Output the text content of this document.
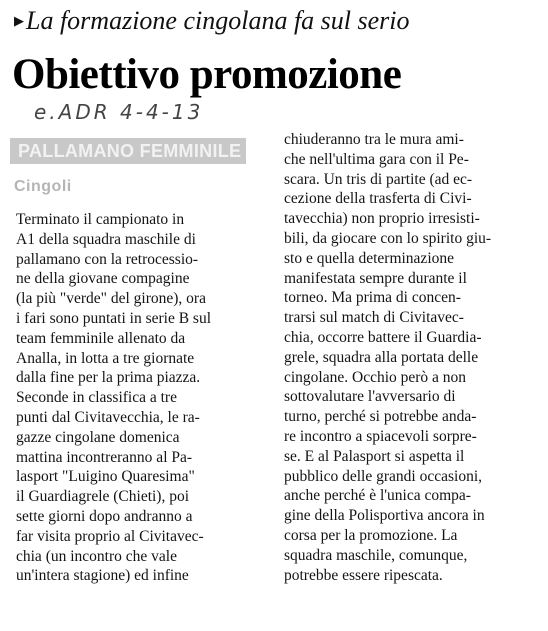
▶La formazione cingolana fa sul serio
Obiettivo promozione
e.ADR 4-4-13
PALLAMANO FEMMINILE
Cingoli
Terminato il campionato in
A1 della squadra maschile di
pallamano con la retrocessio-
ne della giovane compagine
(la più "verde" del girone), ora
i fari sono puntati in serie B sul
team femminile allenato da
Analla, in lotta a tre giornate
dalla fine per la prima piazza.
Seconde in classifica a tre
punti dal Civitavecchia, le ra-
gazze cingolane domenica
mattina incontreranno al Pa-
lasport "Luigino Quaresima"
il Guardiagrele (Chieti), poi
sette giorni dopo andranno a
far visita proprio al Civitavec-
chia (un incontro che vale
un'intera stagione) ed infine
chiuderanno tra le mura ami-
che nell'ultima gara con il Pe-
scara. Un tris di partite (ad ec-
cezione della trasferta di Civi-
tavecchia) non proprio irresisti-
bili, da giocare con lo spirito giu-
sto e quella determinazione
manifestata sempre durante il
torneo. Ma prima di concen-
trarsi sul match di Civitavec-
chia, occorre battere il Guardia-
grele, squadra alla portata delle
cingolane. Occhio però a non
sottovalutare l'avversario di
turno, perché si potrebbe anda-
re incontro a spiacevoli sorpre-
se. E al Palasport si aspetta il
pubblico delle grandi occasioni,
anche perché è l'unica compa-
gine della Polisportiva ancora in
corsa per la promozione. La
squadra maschile, comunque,
potrebbe essere ripescata.
